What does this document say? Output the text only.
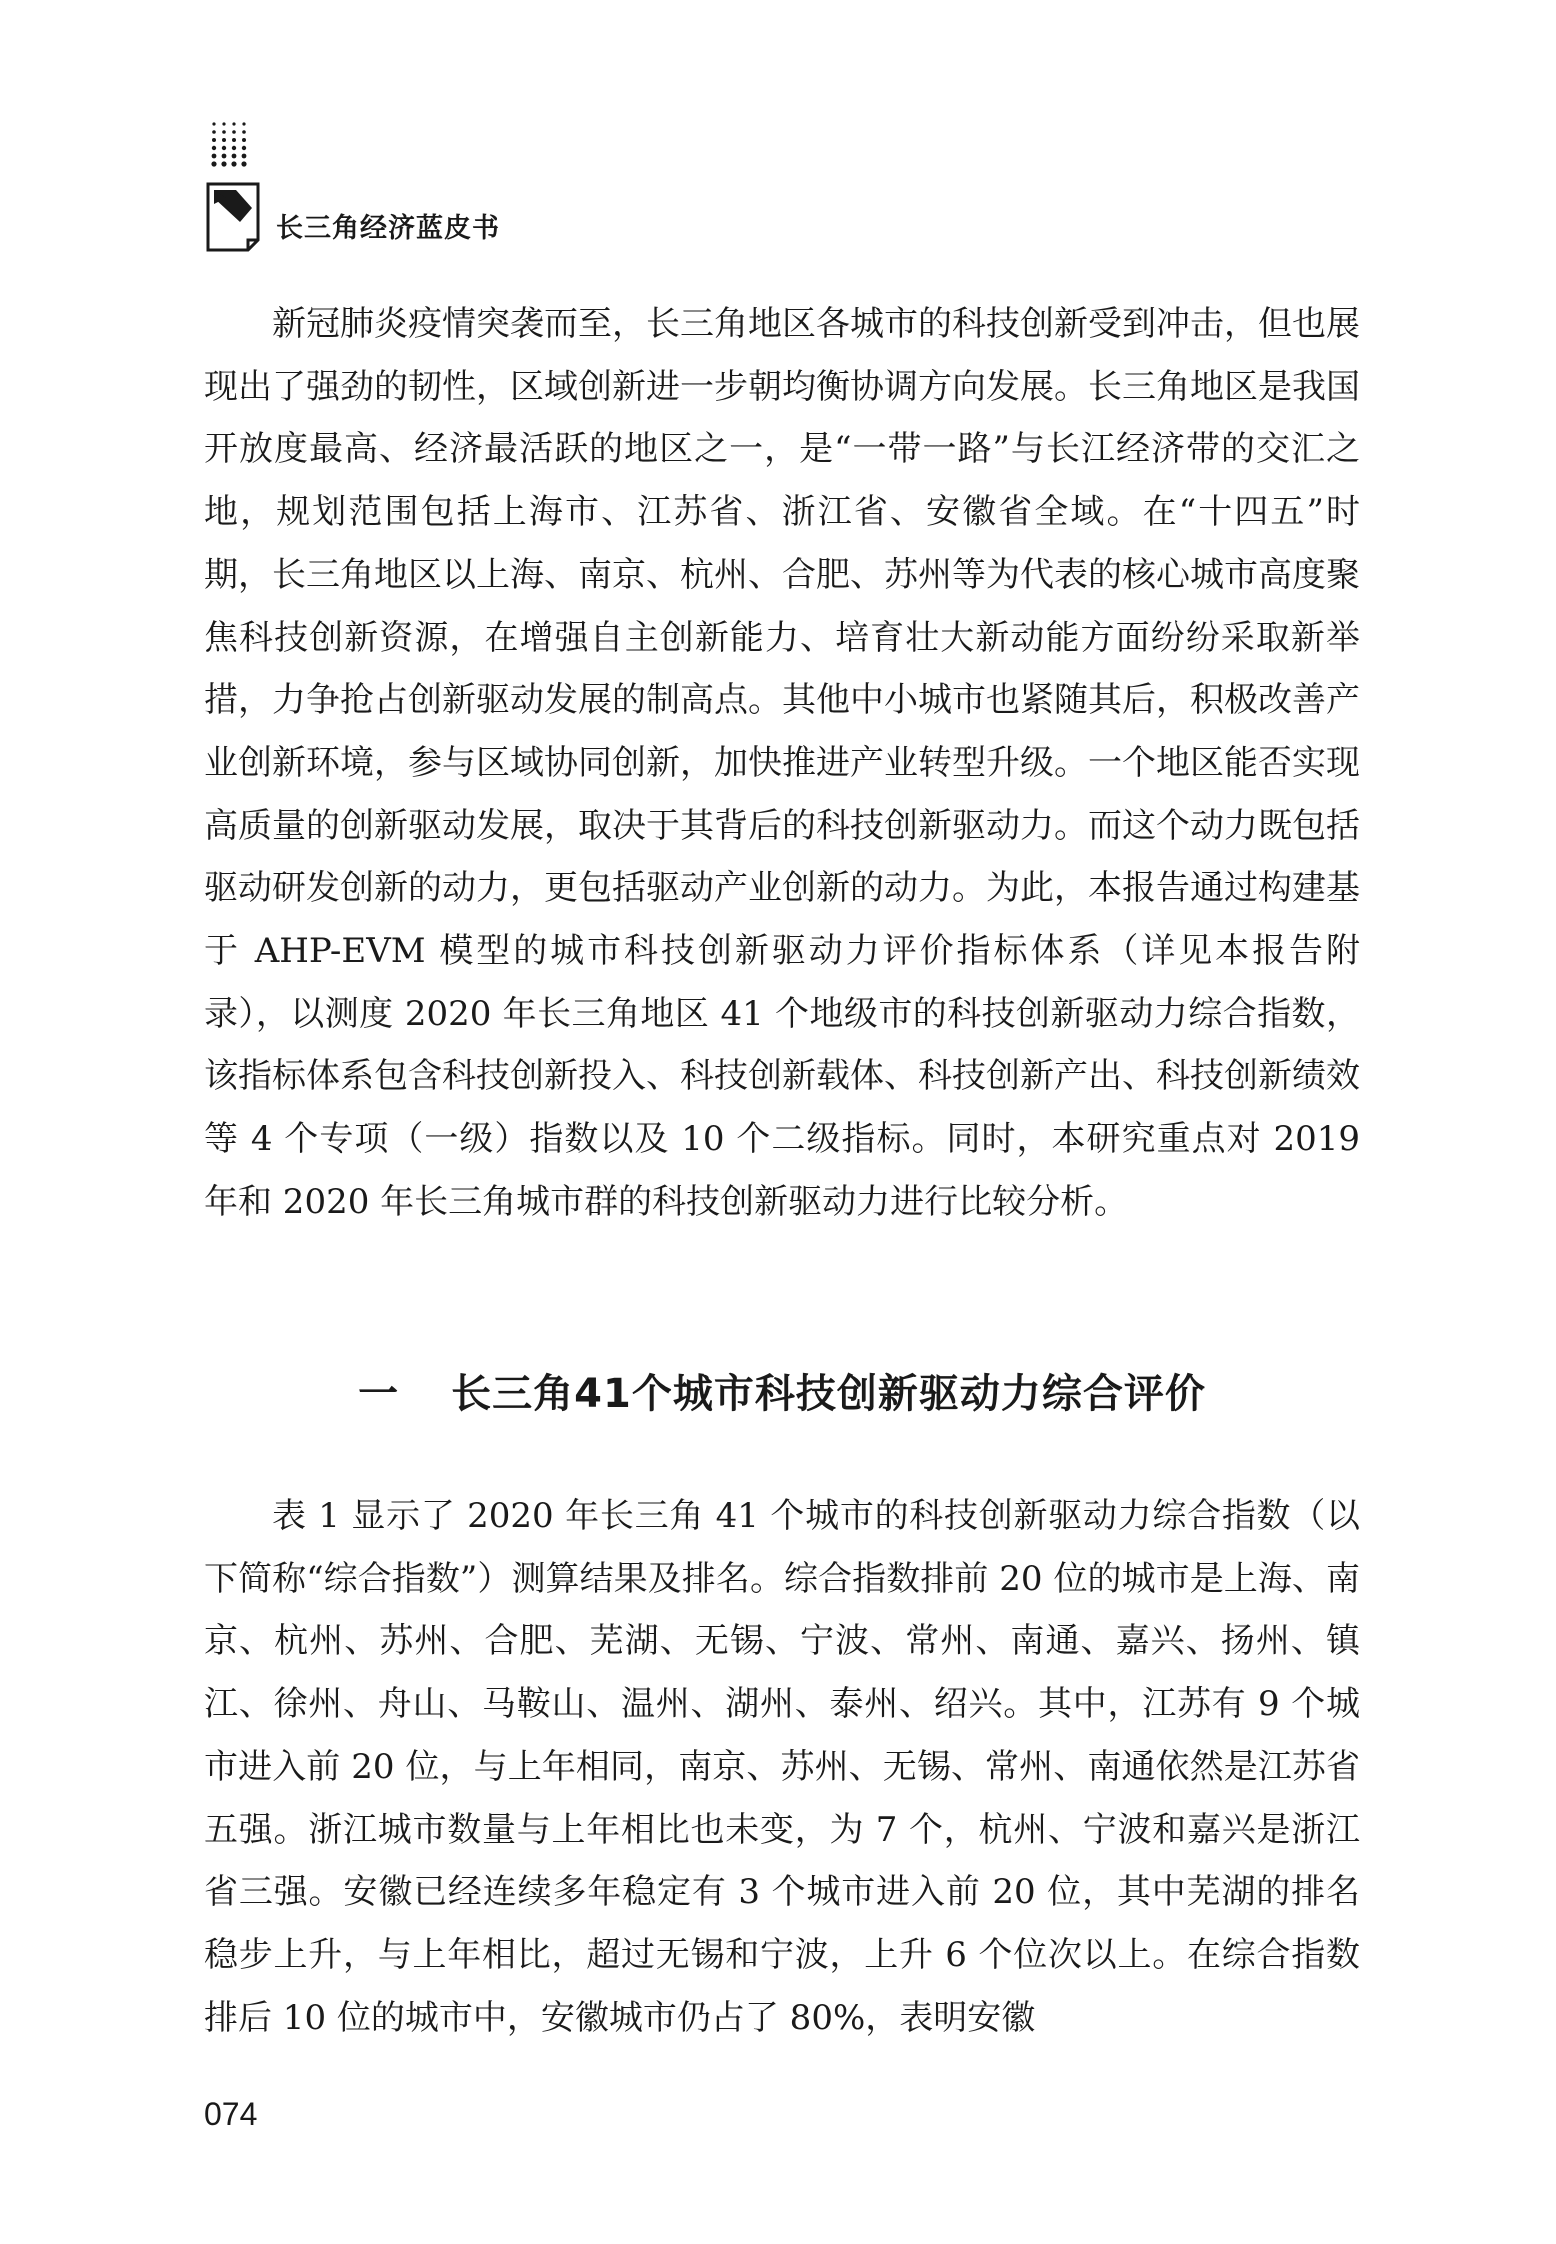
长三角经济蓝皮书

新冠肺炎疫情突袭而至，长三角地区各城市的科技创新受到冲击，但也展现出了强劲的韧性，区域创新进一步朝均衡协调方向发展。长三角地区是我国开放度最高、经济最活跃的地区之一，是“一带一路”与长江经济带的交汇之地，规划范围包括上海市、江苏省、浙江省、安徽省全域。在“十四五”时期，长三角地区以上海、南京、杭州、合肥、苏州等为代表的核心城市高度聚焦科技创新资源，在增强自主创新能力、培育壮大新动能方面纷纷采取新举措，力争抢占创新驱动发展的制高点。其他中小城市也紧随其后，积极改善产业创新环境，参与区域协同创新，加快推进产业转型升级。一个地区能否实现高质量的创新驱动发展，取决于其背后的科技创新驱动力。而这个动力既包括驱动研发创新的动力，更包括驱动产业创新的动力。为此，本报告通过构建基于 AHP-EVM 模型的城市科技创新驱动力评价指标体系（详见本报告附录），以测度 2020 年长三角地区 41 个地级市的科技创新驱动力综合指数，该指标体系包含科技创新投入、科技创新载体、科技创新产出、科技创新绩效等 4 个专项（一级）指数以及 10 个二级指标。同时，本研究重点对 2019 年和 2020 年长三角城市群的科技创新驱动力进行比较分析。

一 长三角41个城市科技创新驱动力综合评价

表 1 显示了 2020 年长三角 41 个城市的科技创新驱动力综合指数（以下简称“综合指数”）测算结果及排名。综合指数排前 20 位的城市是上海、南京、杭州、苏州、合肥、芜湖、无锡、宁波、常州、南通、嘉兴、扬州、镇江、徐州、舟山、马鞍山、温州、湖州、泰州、绍兴。其中，江苏有 9 个城市进入前 20 位，与上年相同，南京、苏州、无锡、常州、南通依然是江苏省五强。浙江城市数量与上年相比也未变，为 7 个，杭州、宁波和嘉兴是浙江省三强。安徽已经连续多年稳定有 3 个城市进入前 20 位，其中芜湖的排名稳步上升，与上年相比，超过无锡和宁波，上升 6 个位次以上。在综合指数排后 10 位的城市中，安徽城市仍占了 80%，表明安徽

074
